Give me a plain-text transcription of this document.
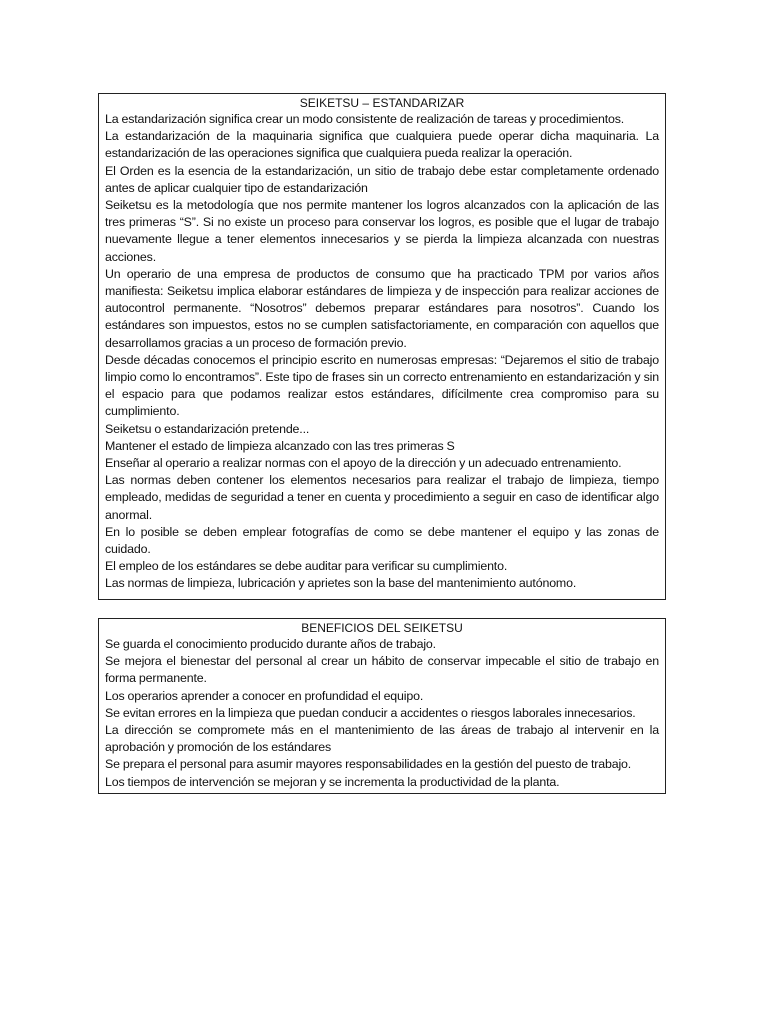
SEIKETSU – ESTANDARIZAR

La estandarización significa crear un modo consistente de realización de tareas y procedimientos.

La estandarización de la maquinaria significa que cualquiera puede operar dicha maquinaria. La estandarización de las operaciones significa que cualquiera pueda realizar la operación.

El Orden es la esencia de la estandarización, un sitio de trabajo debe estar completamente ordenado antes de aplicar cualquier tipo de estandarización

Seiketsu es la metodología que nos permite mantener los logros alcanzados con la aplicación de las tres primeras “S”. Si no existe un proceso para conservar los logros, es posible que el lugar de trabajo nuevamente llegue a tener elementos innecesarios y se pierda la limpieza alcanzada con nuestras acciones.

Un operario de una empresa de productos de consumo que ha practicado TPM por varios años manifiesta: Seiketsu implica elaborar estándares de limpieza y de inspección para realizar acciones de autocontrol permanente. “Nosotros” debemos preparar estándares para nosotros”. Cuando los estándares son impuestos, estos no se cumplen satisfactoriamente, en comparación con aquellos que desarrollamos gracias a un proceso de formación previo.

Desde décadas conocemos el principio escrito en numerosas empresas: “Dejaremos el sitio de trabajo limpio como lo encontramos”. Este tipo de frases sin un correcto entrenamiento en estandarización y sin el espacio para que podamos realizar estos estándares, difícilmente crea compromiso para su cumplimiento.

Seiketsu o estandarización pretende...

Mantener el estado de limpieza alcanzado con las tres primeras S

Enseñar al operario a realizar normas con el apoyo de la dirección y un adecuado entrenamiento.

Las normas deben contener los elementos necesarios para realizar el trabajo de limpieza, tiempo empleado, medidas de seguridad a tener en cuenta y procedimiento a seguir en caso de identificar algo anormal.

En lo posible se deben emplear fotografías de como se debe mantener el equipo y las zonas de cuidado.

El empleo de los estándares se debe auditar para verificar su cumplimiento.

Las normas de limpieza, lubricación y aprietes son la base del mantenimiento autónomo.

BENEFICIOS DEL SEIKETSU

Se guarda el conocimiento producido durante años de trabajo.

Se mejora el bienestar del personal al crear un hábito de conservar impecable el sitio de trabajo en forma permanente.

Los operarios aprender a conocer en profundidad el equipo.

Se evitan errores en la limpieza que puedan conducir a accidentes o riesgos laborales innecesarios.

La dirección se compromete más en el mantenimiento de las áreas de trabajo al intervenir en la aprobación y promoción de los estándares

Se prepara el personal para asumir mayores responsabilidades en la gestión del puesto de trabajo.

Los tiempos de intervención se mejoran y se incrementa la productividad de la planta.
